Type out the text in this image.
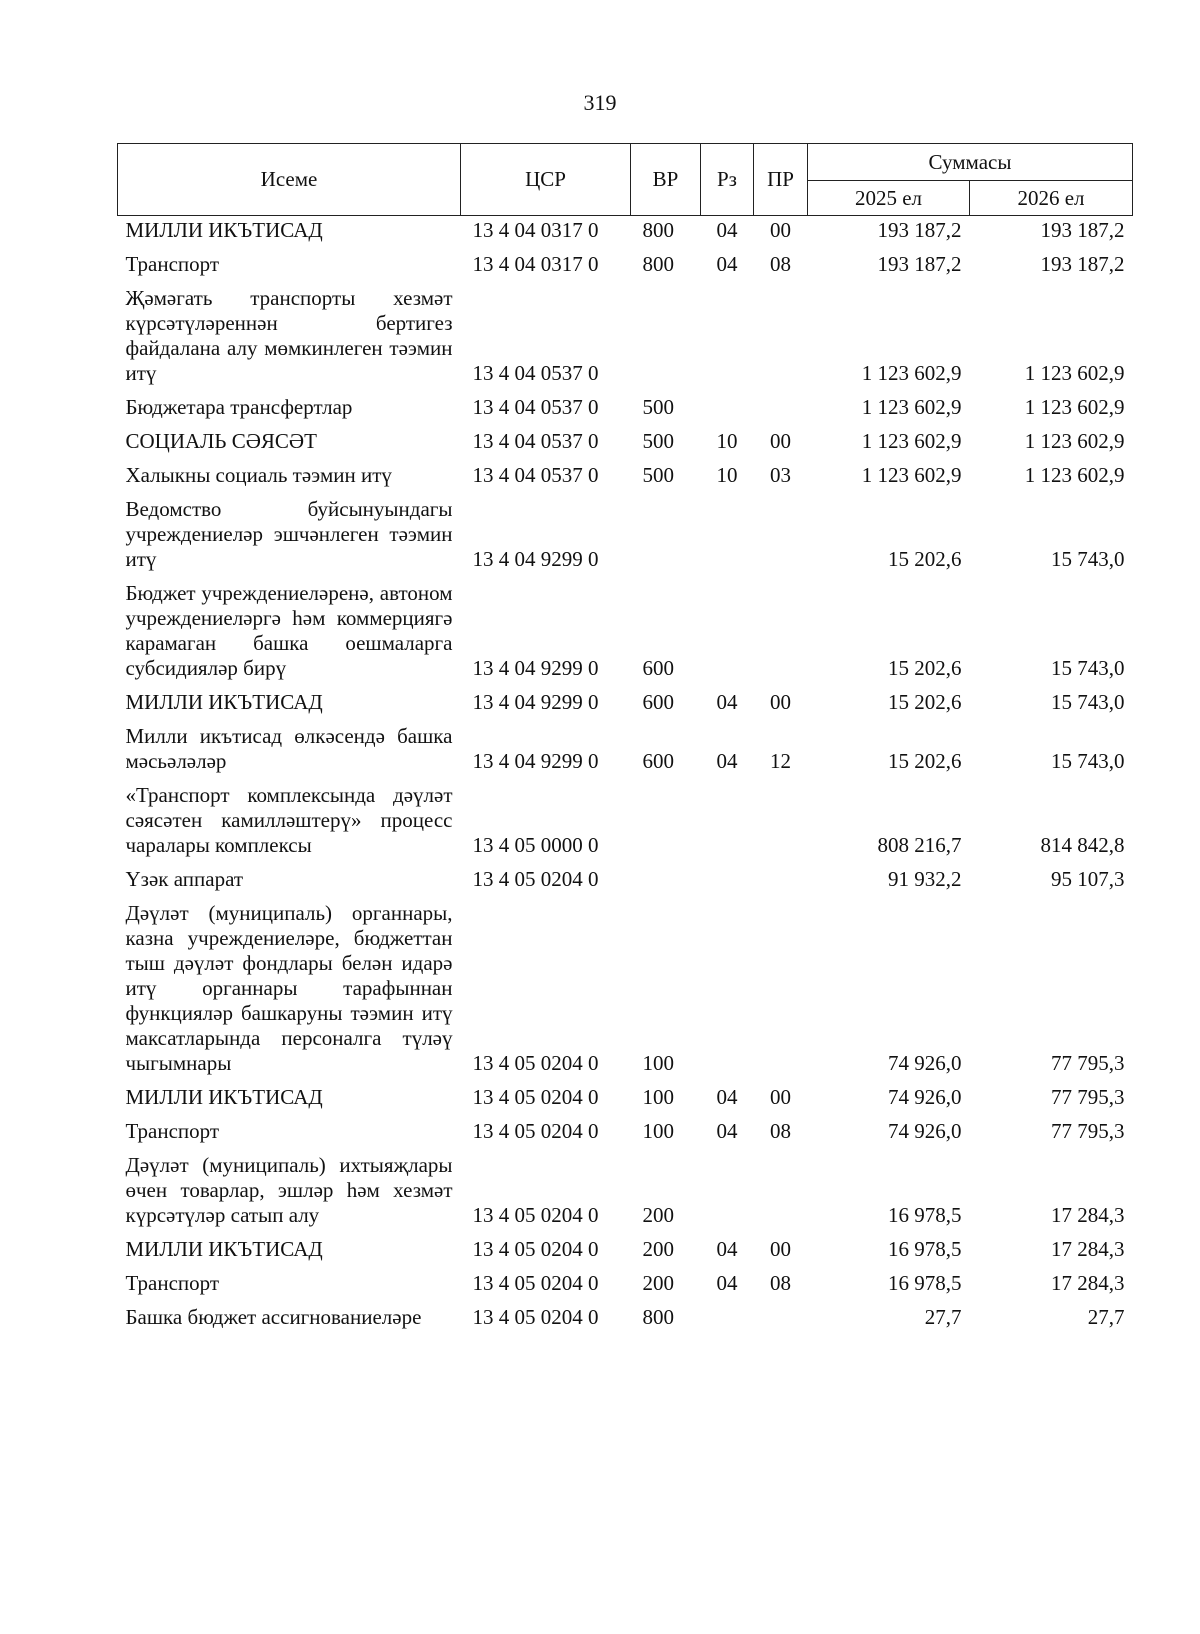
319
Исеме	ЦСР	ВР	Рз	ПР	Суммасы	
					2025 ел	2026 ел
МИЛЛИ ИКЪТИСАД	13 4 04 0317 0	800	04	00	193 187,2	193 187,2
Транспорт	13 4 04 0317 0	800	04	08	193 187,2	193 187,2
Җәмәгать транспорты хезмәт күрсәтүләреннән бертигез файдалана алу мөмкинлеген тәэмин итү	13 4 04 0537 0				1 123 602,9	1 123 602,9
Бюджетара трансфертлар	13 4 04 0537 0	500			1 123 602,9	1 123 602,9
СОЦИАЛЬ СӘЯСӘТ	13 4 04 0537 0	500	10	00	1 123 602,9	1 123 602,9
Халыкны социаль тәэмин итү	13 4 04 0537 0	500	10	03	1 123 602,9	1 123 602,9
Ведомство буйсынуындагы учреждениеләр эшчәнлеген тәэмин итү	13 4 04 9299 0				15 202,6	15 743,0
Бюджет учреждениеләренә, автоном учреждениеләргә һәм коммерциягә карамаган башка оешмаларга субсидияләр бирү	13 4 04 9299 0	600			15 202,6	15 743,0
МИЛЛИ ИКЪТИСАД	13 4 04 9299 0	600	04	00	15 202,6	15 743,0
Милли икътисад өлкәсендә башка мәсьәләләр	13 4 04 9299 0	600	04	12	15 202,6	15 743,0
«Транспорт комплексында дәүләт сәясәтен камилләштерү» процесс чаралары комплексы	13 4 05 0000 0				808 216,7	814 842,8
Үзәк аппарат	13 4 05 0204 0				91 932,2	95 107,3
Дәүләт (муниципаль) органнары, казна учреждениеләре, бюджеттан тыш дәүләт фондлары белән идарә итү органнары тарафыннан функцияләр башкаруны тәэмин итү максатларында персоналга түләү чыгымнары	13 4 05 0204 0	100			74 926,0	77 795,3
МИЛЛИ ИКЪТИСАД	13 4 05 0204 0	100	04	00	74 926,0	77 795,3
Транспорт	13 4 05 0204 0	100	04	08	74 926,0	77 795,3
Дәүләт (муниципаль) ихтыяҗлары өчен товарлар, эшләр һәм хезмәт күрсәтүләр сатып алу	13 4 05 0204 0	200			16 978,5	17 284,3
МИЛЛИ ИКЪТИСАД	13 4 05 0204 0	200	04	00	16 978,5	17 284,3
Транспорт	13 4 05 0204 0	200	04	08	16 978,5	17 284,3
Башка бюджет ассигнованиеләре	13 4 05 0204 0	800			27,7	27,7
